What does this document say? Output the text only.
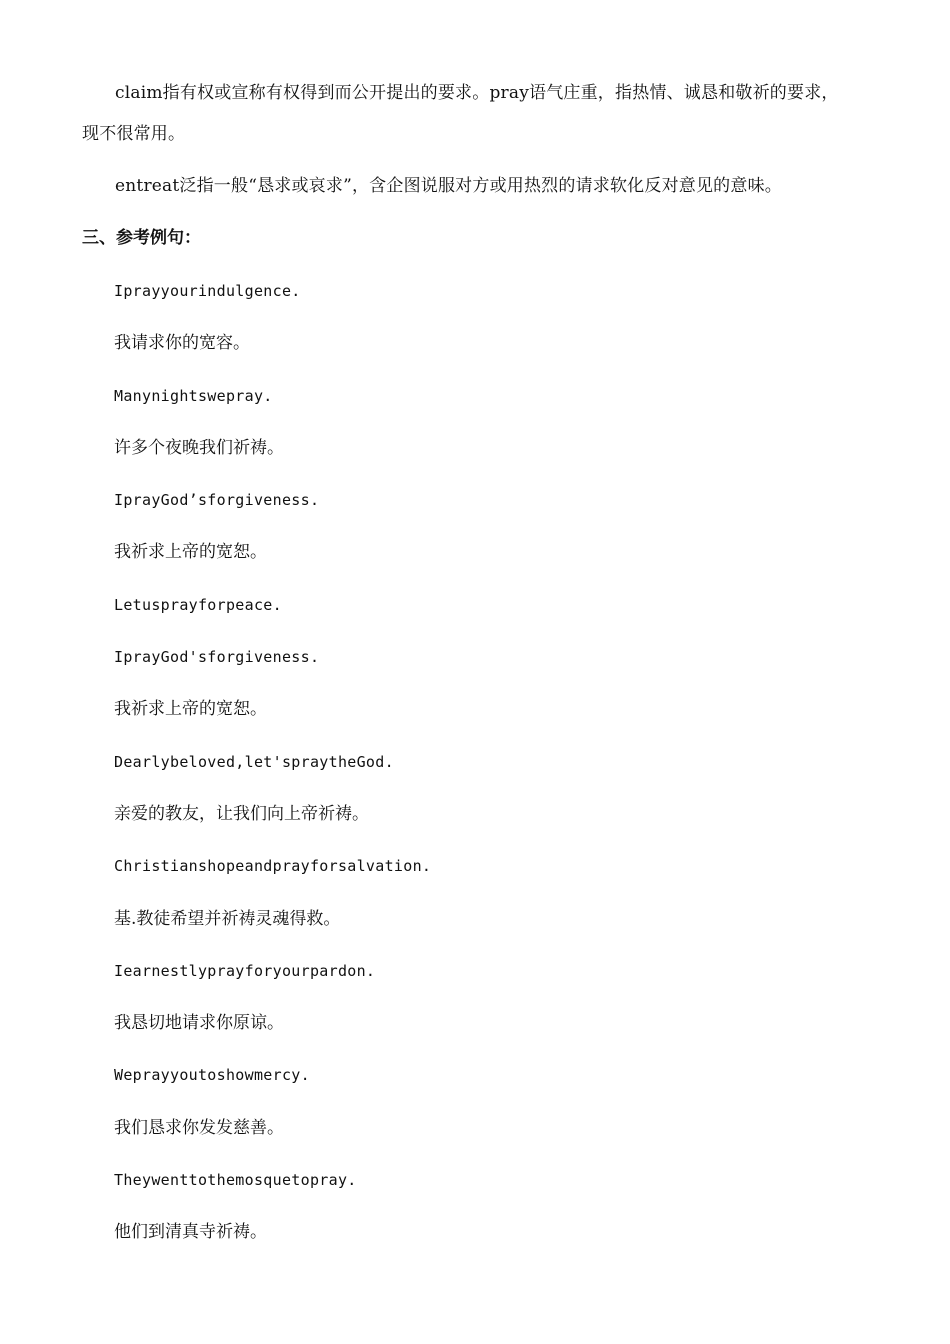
claim指有权或宣称有权得到而公开提出的要求。pray语气庄重，指热情、诚恳和敬祈的要求，现不很常用。

entreat泛指一般“恳求或哀求”，含企图说服对方或用热烈的请求软化反对意见的意味。

三、参考例句：
Iprayyourindulgence.
我请求你的宽容。
Manynightswepray.
许多个夜晚我们祈祷。
IprayGod’sforgiveness.
我祈求上帝的宽恕。
Letusprayforpeace.
IprayGod'sforgiveness.
我祈求上帝的宽恕。
Dearlybeloved,let'spraytheGod.
亲爱的教友，让我们向上帝祈祷。
Christianshopeandprayforsalvation.
基.教徒希望并祈祷灵魂得救。
Iearnestlyprayforyourpardon.
我恳切地请求你原谅。
Weprayyoutoshowmercy.
我们恳求你发发慈善。
Theywenttothemosquetopray.
他们到清真寺祈祷。
